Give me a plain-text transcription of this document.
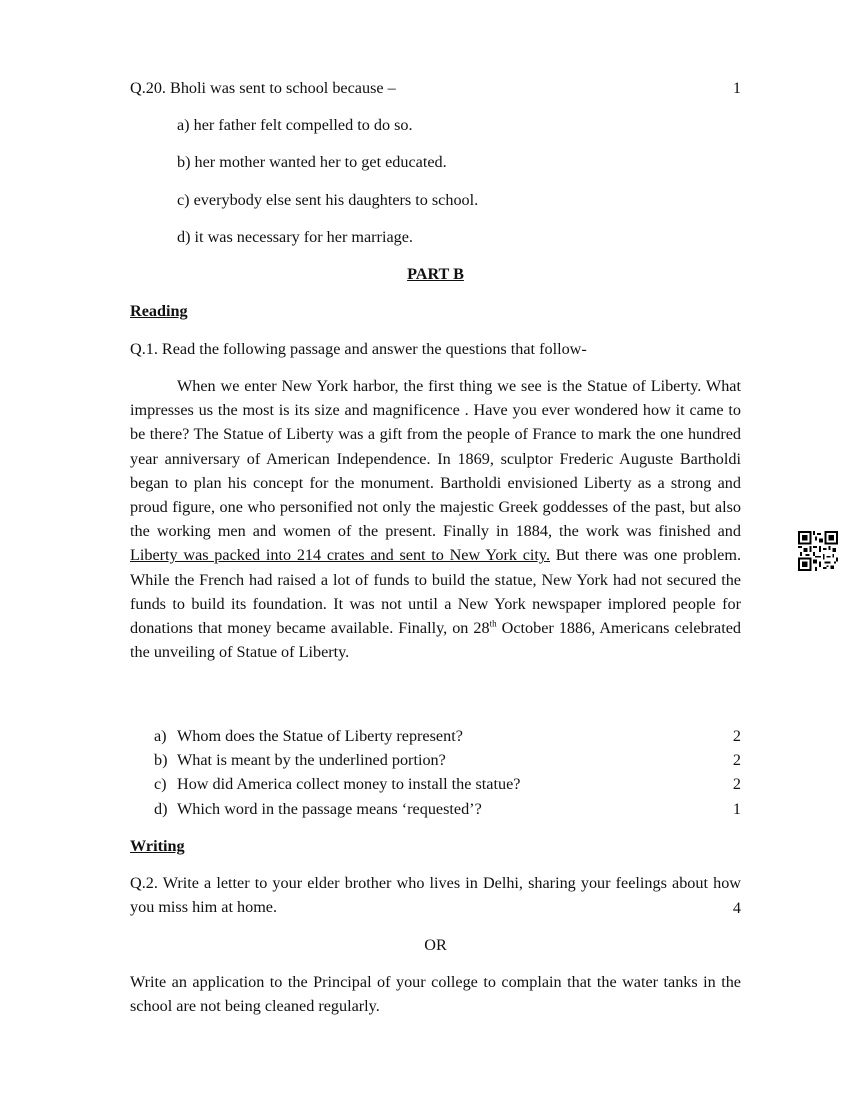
Q.20. Bholi was sent to school because –	1
a) her father felt compelled to do so.
b) her mother wanted her to get educated.
c) everybody else sent his daughters to school.
d) it was necessary for her marriage.
PART B
Reading
Q.1. Read the following passage and answer the questions that follow-

When we enter New York harbor, the first thing we see is the Statue of Liberty. What impresses us the most is its size and magnificence . Have you ever wondered how it came to be there? The Statue of Liberty was a gift from the people of France to mark the one hundred year anniversary of American Independence. In 1869, sculptor Frederic Auguste Bartholdi began to plan his concept for the monument. Bartholdi envisioned Liberty as a strong and proud figure, one who personified not only the majestic Greek goddesses of the past, but also the working men and women of the present. Finally in 1884, the work was finished and Liberty was packed into 214 crates and sent to New York city. But there was one problem. While the French had raised a lot of funds to build the statue, New York had not secured the funds to build its foundation. It was not until a New York newspaper implored people for donations that money became available. Finally, on 28th October 1886, Americans celebrated the unveiling of Statue of Liberty.

a) Whom does the Statue of Liberty represent?	2
b) What is meant by the underlined portion?	2
c) How did America collect money to install the statue?	2
d) Which word in the passage means ‘requested’?	1
Writing
Q.2. Write a letter to your elder brother who lives in Delhi, sharing your feelings about how you miss him at home.	4
OR
Write an application to the Principal of your college to complain that the water tanks in the school are not being cleaned regularly.
